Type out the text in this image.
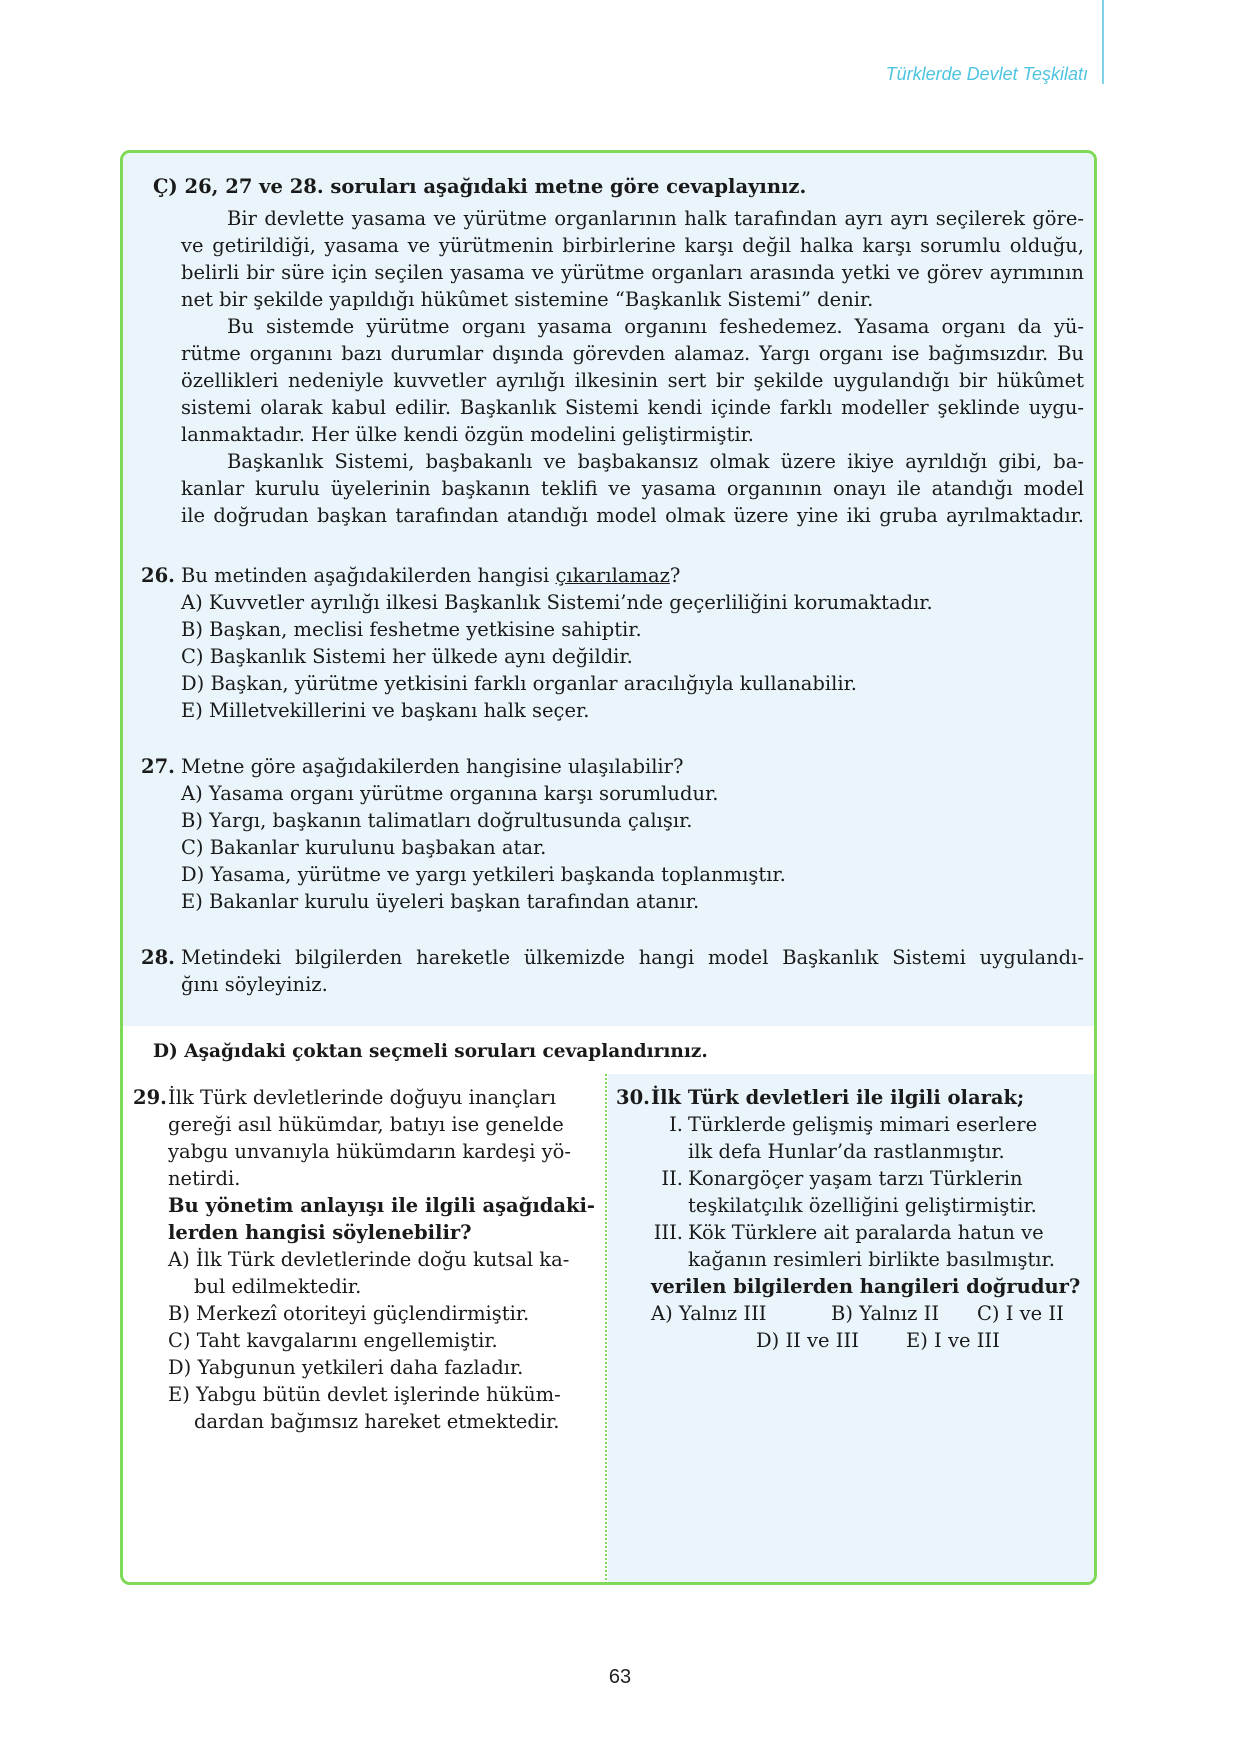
Türklerde Devlet Teşkilatı
Ç) 26, 27 ve 28. soruları aşağıdaki metne göre cevaplayınız.
Bir devlette yasama ve yürütme organlarının halk tarafından ayrı ayrı seçilerek göre-
ve getirildiği, yasama ve yürütmenin birbirlerine karşı değil halka karşı sorumlu olduğu,
belirli bir süre için seçilen yasama ve yürütme organları arasında yetki ve görev ayrımının
net bir şekilde yapıldığı hükûmet sistemine “Başkanlık Sistemi” denir.
Bu sistemde yürütme organı yasama organını feshedemez. Yasama organı da yü-
rütme organını bazı durumlar dışında görevden alamaz. Yargı organı ise bağımsızdır. Bu
özellikleri nedeniyle kuvvetler ayrılığı ilkesinin sert bir şekilde uygulandığı bir hükûmet
sistemi olarak kabul edilir. Başkanlık Sistemi kendi içinde farklı modeller şeklinde uygu-
lanmaktadır. Her ülke kendi özgün modelini geliştirmiştir.
Başkanlık Sistemi, başbakanlı ve başbakansız olmak üzere ikiye ayrıldığı gibi, ba-
kanlar kurulu üyelerinin başkanın teklifi ve yasama organının onayı ile atandığı model
ile doğrudan başkan tarafından atandığı model olmak üzere yine iki gruba ayrılmaktadır.
26. Bu metinden aşağıdakilerden hangisi çıkarılamaz?
A) Kuvvetler ayrılığı ilkesi Başkanlık Sistemi’nde geçerliliğini korumaktadır.
B) Başkan, meclisi feshetme yetkisine sahiptir.
C) Başkanlık Sistemi her ülkede aynı değildir.
D) Başkan, yürütme yetkisini farklı organlar aracılığıyla kullanabilir.
E) Milletvekillerini ve başkanı halk seçer.
27. Metne göre aşağıdakilerden hangisine ulaşılabilir?
A) Yasama organı yürütme organına karşı sorumludur.
B) Yargı, başkanın talimatları doğrultusunda çalışır.
C) Bakanlar kurulunu başbakan atar.
D) Yasama, yürütme ve yargı yetkileri başkanda toplanmıştır.
E) Bakanlar kurulu üyeleri başkan tarafından atanır.
28. Metindeki bilgilerden hareketle ülkemizde hangi model Başkanlık Sistemi uygulandı-
ğını söyleyiniz.
D) Aşağıdaki çoktan seçmeli soruları cevaplandırınız.
29. İlk Türk devletlerinde doğuyu inançları
gereği asıl hükümdar, batıyı ise genelde
yabgu unvanıyla hükümdarın kardeşi yö-
netirdi.
Bu yönetim anlayışı ile ilgili aşağıdaki-
lerden hangisi söylenebilir?
A) İlk Türk devletlerinde doğu kutsal ka-
bul edilmektedir.
B) Merkezî otoriteyi güçlendirmiştir.
C) Taht kavgalarını engellemiştir.
D) Yabgunun yetkileri daha fazladır.
E) Yabgu bütün devlet işlerinde hüküm-
dardan bağımsız hareket etmektedir.
30. İlk Türk devletleri ile ilgili olarak;
I. Türklerde gelişmiş mimari eserlere
ilk defa Hunlar’da rastlanmıştır.
II. Konargöçer yaşam tarzı Türklerin
teşkilatçılık özelliğini geliştirmiştir.
III. Kök Türklere ait paralarda hatun ve
kağanın resimleri birlikte basılmıştır.
verilen bilgilerden hangileri doğrudur?
A) Yalnız III	B) Yalnız II C) I ve II
D) II ve III E) I ve III
63
